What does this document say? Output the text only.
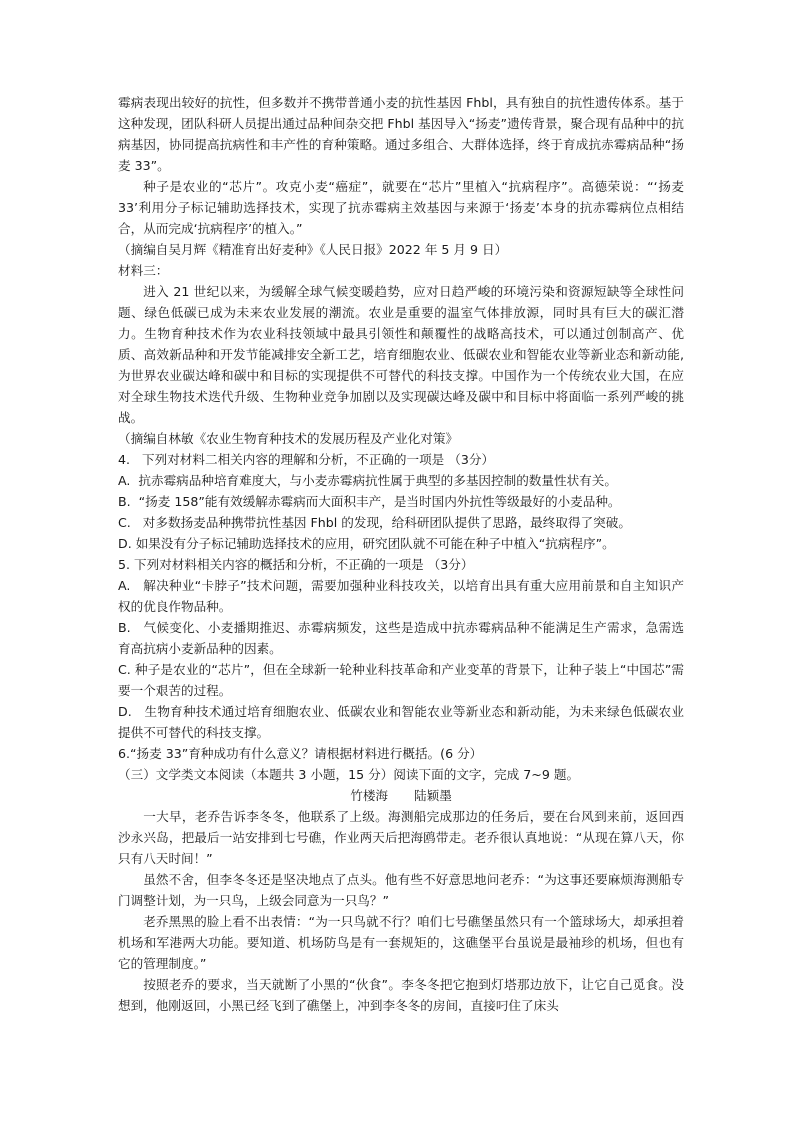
霉病表现出较好的抗性，但多数并不携带普通小麦的抗性基因 Fhbl，具有独自的抗性遗传体系。基于这种发现，团队科研人员提出通过品种间杂交把 Fhbl 基因导入“扬麦”遗传背景，聚合现有品种中的抗病基因，协同提高抗病性和丰产性的育种策略。通过多组合、大群体选择，终于育成抗赤霉病品种“扬麦 33”。

种子是农业的“芯片”。攻克小麦“癌症”，就要在“芯片”里植入“抗病程序”。高德荣说：“‘扬麦 33’利用分子标记辅助选择技术，实现了抗赤霉病主效基因与来源于‘扬麦’本身的抗赤霉病位点相结合，从而完成‘抗病程序’的植入。”

（摘编自吴月辉《精准育出好麦种》《人民日报》2022 年 5 月 9 日）

材料三：

进入 21 世纪以来，为缓解全球气候变暖趋势，应对日趋严峻的环境污染和资源短缺等全球性问题、绿色低碳已成为未来农业发展的潮流。农业是重要的温室气体排放源，同时具有巨大的碳汇潜力。生物育种技术作为农业科技领域中最具引领性和颠覆性的战略高技术，可以通过创制高产、优质、高效新品种和开发节能减排安全新工艺，培育细胞农业、低碳农业和智能农业等新业态和新动能,为世界农业碳达峰和碳中和目标的实现提供不可替代的科技支撑。中国作为一个传统农业大国，在应对全球生物技术迭代升级、生物种业竞争加剧以及实现碳达峰及碳中和目标中将面临一系列严峻的挑战。

（摘编自林敏《农业生物育种技术的发展历程及产业化对策》

4.   下列对材料二相关内容的理解和分析，不正确的一项是 （3分）

A.  抗赤霉病品种培育难度大，与小麦赤霉病抗性属于典型的多基因控制的数量性状有关。

B.  “扬麦 158”能有效缓解赤霉病而大面积丰产，是当时国内外抗性等级最好的小麦品种。

C.   对多数扬麦品种携带抗性基因 Fhbl 的发现，给科研团队提供了思路，最终取得了突破。

D. 如果没有分子标记辅助选择技术的应用，研究团队就不可能在种子中植入“抗病程序”。

5. 下列对材料相关内容的概括和分析，不正确的一项是 （3分）

A.   解决种业“卡脖子”技术问题，需要加强种业科技攻关，以培育出具有重大应用前景和自主知识产权的优良作物品种。

B.   气候变化、小麦播期推迟、赤霉病频发，这些是造成中抗赤霉病品种不能满足生产需求，急需选育高抗病小麦新品种的因素。

C. 种子是农业的“芯片”，但在全球新一轮种业科技革命和产业变革的背景下，让种子装上“中国芯”需要一个艰苦的过程。

D.   生物育种技术通过培育细胞农业、低碳农业和智能农业等新业态和新动能，为未来绿色低碳农业提供不可替代的科技支撑。

6.“扬麦 33”育种成功有什么意义？请根据材料进行概括。(6 分）

（三）文学类文本阅读（本题共 3 小题，15 分）阅读下面的文字，完成 7~9 题。

竹楼海 陆颖墨

一大早，老乔告诉李冬冬，他联系了上级。海测船完成那边的任务后，要在台风到来前，返回西沙永兴岛，把最后一站安排到七号礁，作业两天后把海鸥带走。老乔很认真地说：“从现在算八天，你只有八天时间！”

虽然不舍，但李冬冬还是坚决地点了点头。他有些不好意思地问老乔：“为这事还要麻烦海测船专门调整计划，为一只鸟，上级会同意为一只鸟？”

老乔黑黑的脸上看不出表情：“为一只鸟就不行？咱们七号礁堡虽然只有一个篮球场大，却承担着机场和军港两大功能。要知道、机场防鸟是有一套规矩的，这礁堡平台虽说是最袖珍的机场，但也有它的管理制度。”

按照老乔的要求，当天就断了小黑的“伙食”。李冬冬把它抱到灯塔那边放下，让它自己觅食。没想到，他刚返回，小黑已经飞到了礁堡上，冲到李冬冬的房间，直接叼住了床头
